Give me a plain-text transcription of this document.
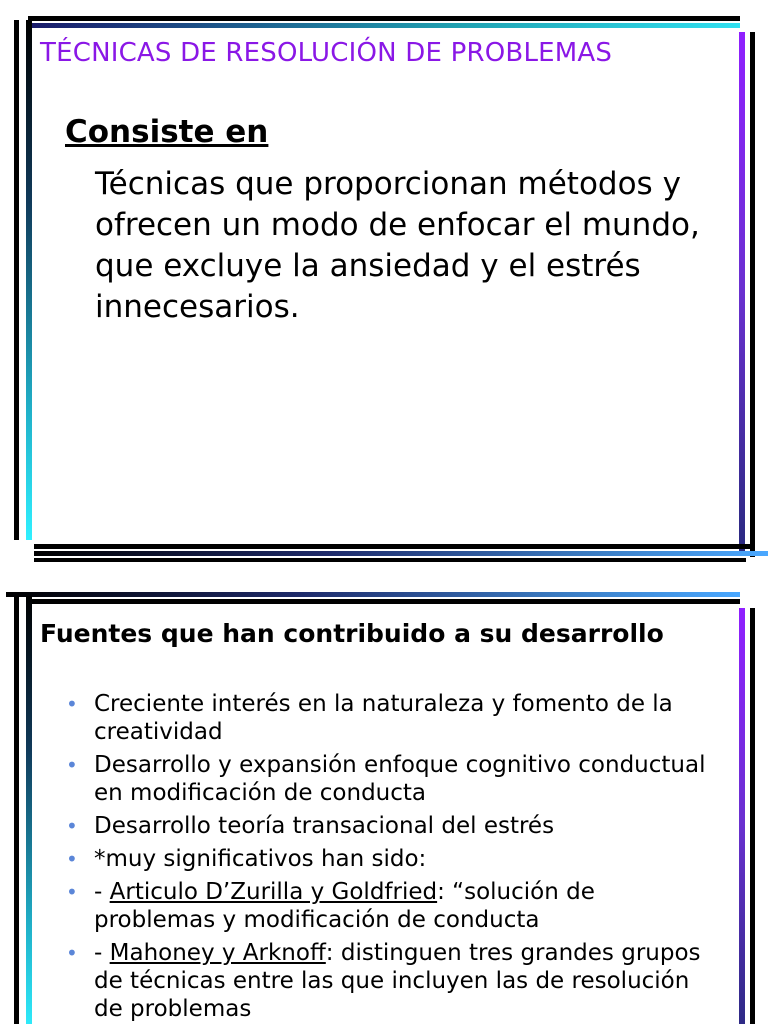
TÉCNICAS DE RESOLUCIÓN DE PROBLEMAS
Consiste en

Técnicas que proporcionan métodos y ofrecen un modo de enfocar el mundo, que excluye la ansiedad y el estrés innecesarios.

Fuentes que han contribuido a su desarrollo
• Creciente interés en la naturaleza y fomento de la creatividad
• Desarrollo y expansión enfoque cognitivo conductual en modificación de conducta
• Desarrollo teoría transacional del estrés
• *muy significativos han sido:
• - Articulo D’Zurilla y Goldfried: “solución de problemas y modificación de conducta
• - Mahoney y Arknoff: distinguen tres grandes grupos de técnicas entre las que incluyen las de resolución de problemas
